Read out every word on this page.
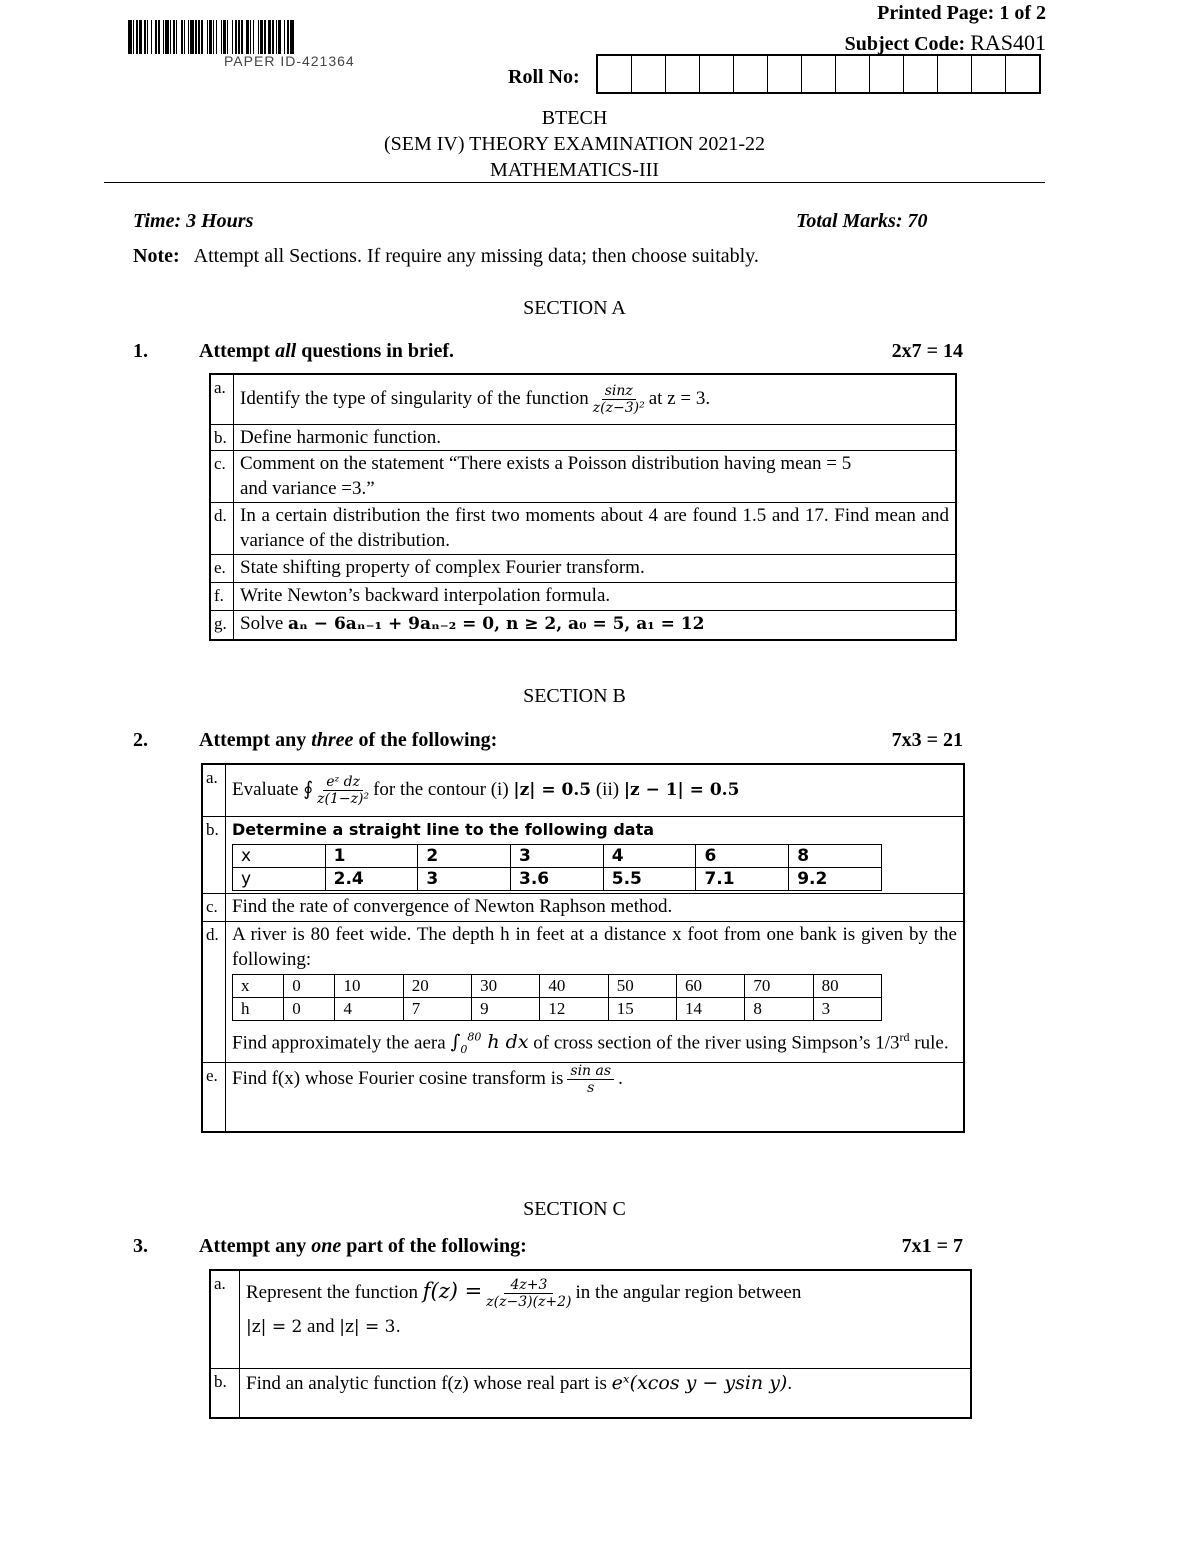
PAPER ID-421364
Printed Page: 1 of 2
Subject Code: RAS401
Roll No:
BTECH
(SEM IV) THEORY EXAMINATION 2021-22
MATHEMATICS-III
Time: 3 Hours	Total Marks: 70
Note: Attempt all Sections. If require any missing data; then choose suitably.
SECTION A
1.	Attempt all questions in brief.	2x7 = 14
a.	Identify the type of singularity of the function $\frac{\sin z}{\text{z(z−3)²}}$ at z = 3.
b.	Define harmonic function.
c.	Comment on the statement “There exists a Poisson distribution having mean = 5 and variance =3.”

d.	In a certain distribution the first two moments about 4 are found 1.5 and 17. Find mean and variance of the distribution.
e.	State shifting property of complex Fourier transform.
f.	Write Newton’s backward interpolation formula.
g.	Solve aₙ − 6aₙ₋₁ + 9aₙ₋₂ = 0, n ≥ 2, a₀ = 5, a₁ = 12
SECTION B
2.	Attempt any three of the following:	7x3 = 21
a.	Evaluate ∮ $\frac{\text{eᶻ dz}}{\text{z(1−z)²}}$ for the contour (i) |z| = 0.5 (ii) |z − 1| = 0.5
b.	Determine a straight line to the following data
x	1	2	3	4	6	8
y	2.4	3	3.6	5.5	7.1	9.2

c.	Find the rate of convergence of Newton Raphson method.
d.	A river is 80 feet wide. The depth h in feet at a distance x foot from one bank is given by the following:
x	0	10	20	30	40	50	60	70	80
h	0	4	7	9	12	15	14	8	3
Find approximately the aera $\int_0^{80}$ h dx of cross section of the river using Simpson’s 1/3rd rule.

e.	Find f(x) whose Fourier cosine transform is $\frac{\text{sin as}}{s}$ .
SECTION C
3.	Attempt any one part of the following:	7x1 = 7
a.	Represent the function $f(z) = \frac{4z+3}{z(z-3)(z+2)}$ in the angular region between
|z| = 2 and |z| = 3.

b.	Find an analytic function f(z) whose real part is eˣ(xcos y − ysin y).
